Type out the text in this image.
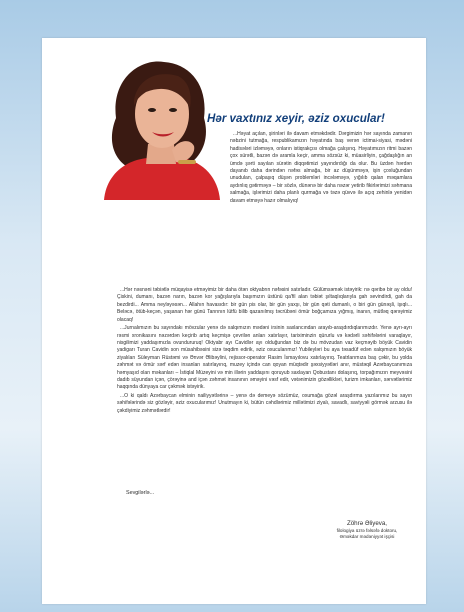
Hər vaxtınız xeyir, əziz oxucular!

...Həyat açılan, şirinləri ilə davam etməkdədir. Dərgimizin hər sayında zamanın nəbzini tutmağa, respublikamızın həyatında baş verən ictimai-siyasi, mədəni hadisələri izləməyə, onların istiqrakçısı olmağa çalışırıq. Həyatımızın ritmi bazən çox sürətli, bazən də aramla keçir, amma sözsüz ki, müasirliyin, çağdaşlığın an ümdə şərti sayılan sürətin diqqətimizi yayındırdığı da olur. Bu üzdən hərdən dayanıb daha dərindən nəfəs almağa, bir az düşünməyə, işin çoxluğundan unudulan, çalpaşıq düşən problemləri incələməyə, yığılıb qalan məqamlara aydınlıq gətirməyə – bir sözlə, dünənə bir daha nəzər yetirib fikirlərimizi səhmana salmağa, işlərimizi daha planlı qurmağa və təzə qüvvə ilə açıq zehinlə yenidən davam etməyə hazır olmalıyıq!

...Hər nəsnəni təbiətlə müqayisə etməyimiz bir daha ötən oktyabrın nəfəsini xatırladır. Gülümsəmək istəyirik: nə qəribə bir ay oldu! Çiskini, dumanı, bazən narın, bazən kor yağışlarıyla başımızın üstünü qa'fil alan təbiət şıltaqlıqlarıyla gah sevindirdi, gah da bezdirdi... Amma neyləyəsən... Allahın havasıdır: bir gün pis olar, bir gün yaxşı, bir gün qəti dumanlı, o biri gün günəşli, işıqlı... Beləcə, ötüb-keçən, yaşanan hər günü Tanrının lütfü bilib qazanılmış təcrübəni ömür boğçamıza yığmış, inanın, mütləq qərəyimiz olacaq!

...Jurnalımızın bu sayındakı mövzular yenə də xalqımızın mədəni irsinin saxlancından arayıb-araşdırdıqlarımızdır. Yenə ayrı-ayrı rəsmi xronikasını nəzərdən keçirib artıq keçmişə çevrilən anları xatırlayır, tariximinzin qürurlu və kədərli səhifələrini varaqlayır, nisgilimizi yaddaşımızla ovundururuq! Oktyabr ayı Cavidlər ayı olduğundan biz də bu mövzudan vaz keçməyib böyük Cavidin yadigarı Turan Cavidin son müsahibəsini sizə təqdim edirik, əziz oxucularımız! Yubileyləri bu aya təsadüf edən xalqımızın böyük ziyalıları Süleyman Rüstəmi və Ənvər Əlibəylini, rejissor-operator Rasim İsmayılovu xatırlayırıq. Teatrlarımıza baş çəkir, bu yolda zəhmət və ömür sərf edən insanları xatırlayırıq, muzey içində can qoyan müqtədir şəxsiyyətləri anır, müstəqil Azərbaycanımıza həmyaşıd olan məkanları – İstiqlal Müzeyini və min illərin yaddaşını qoruyub saxlayan Qobustanı dolaşırıq, torpağımızın meyvəsini dadıb süyundan içən, çörəyinə and içən zəhmət insanının əməyini vəsf edir, vətənimizin gözəllikləri, turizm imkanları, sərvətlərimiz haqqında dünyaya car çəkmək istəyirik.

...O ki qaldı Azərbaycan elminin nailiyyətlərinə – yenə də demeyə sözümüz, oxumağa gözəl araşdırma yazılarımız bu sayın səhifələrində siz gözləyir, əziz oxucularımız! Unutmayın ki, bütün cəhdlərimiz millətimizi ziyalı, savadlı, saviyyəli görmək arzusu ilə çəkdiyimiz zəhmətlərdir!

Sevgilərlə...
Zöhrə Əliyeva,
filologiya üzrə fəlsəfə doktoru,
Əməkdar mədəniyyət işçisi
